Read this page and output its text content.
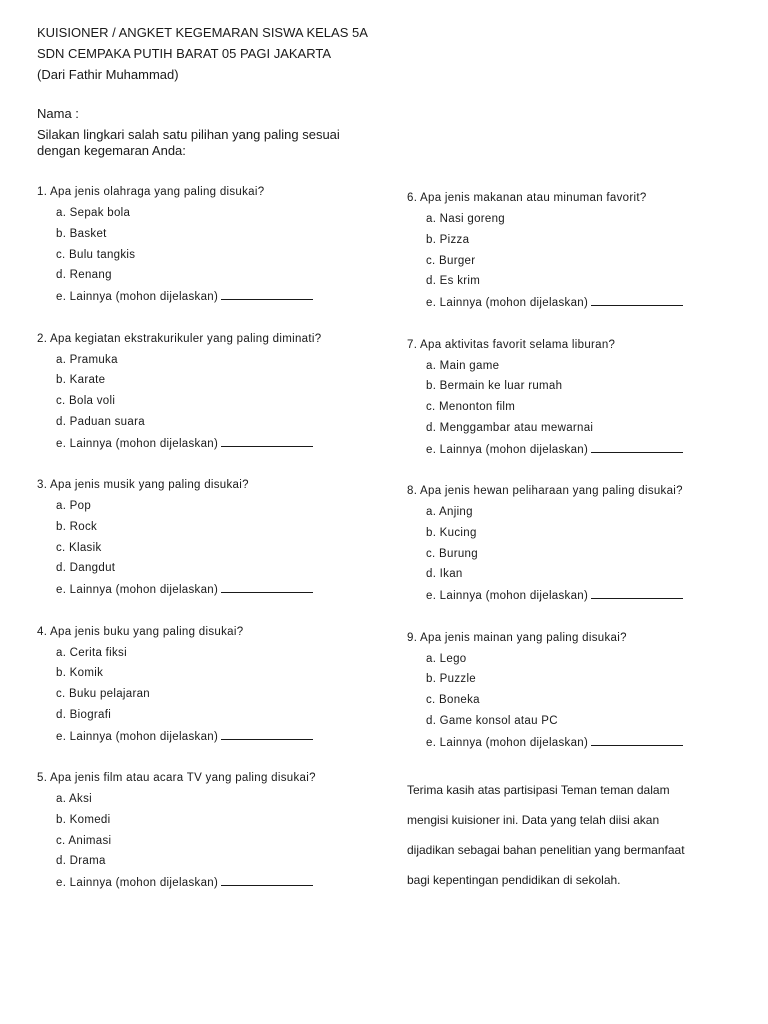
KUISIONER / ANGKET KEGEMARAN SISWA KELAS 5A
SDN CEMPAKA PUTIH BARAT 05 PAGI JAKARTA
(Dari Fathir Muhammad)
Nama :
Silakan lingkari salah satu pilihan yang paling sesuai dengan kegemaran Anda:
1. Apa jenis olahraga yang paling disukai?
a. Sepak bola
b. Basket
c. Bulu tangkis
d. Renang
e. Lainnya (mohon dijelaskan)
2. Apa kegiatan ekstrakurikuler yang paling diminati?
a. Pramuka
b. Karate
c. Bola voli
d. Paduan suara
e. Lainnya (mohon dijelaskan)
3. Apa jenis musik yang paling disukai?
a. Pop
b. Rock
c. Klasik
d. Dangdut
e. Lainnya (mohon dijelaskan)
4. Apa jenis buku yang paling disukai?
a. Cerita fiksi
b. Komik
c. Buku pelajaran
d. Biografi
e. Lainnya (mohon dijelaskan)
5. Apa jenis film atau acara TV yang paling disukai?
a. Aksi
b. Komedi
c. Animasi
d. Drama
e. Lainnya (mohon dijelaskan)
6. Apa jenis makanan atau minuman favorit?
a. Nasi goreng
b. Pizza
c. Burger
d. Es krim
e. Lainnya (mohon dijelaskan)
7. Apa aktivitas favorit selama liburan?
a. Main game
b. Bermain ke luar rumah
c. Menonton film
d. Menggambar atau mewarnai
e. Lainnya (mohon dijelaskan)
8. Apa jenis hewan peliharaan yang paling disukai?
a. Anjing
b. Kucing
c. Burung
d. Ikan
e. Lainnya (mohon dijelaskan)
9. Apa jenis mainan yang paling disukai?
a. Lego
b. Puzzle
c. Boneka
d. Game konsol atau PC
e. Lainnya (mohon dijelaskan)
Terima kasih atas partisipasi Teman teman dalam
mengisi kuisioner ini. Data yang telah diisi akan
dijadikan sebagai bahan penelitian yang bermanfaat
bagi kepentingan pendidikan di sekolah.
